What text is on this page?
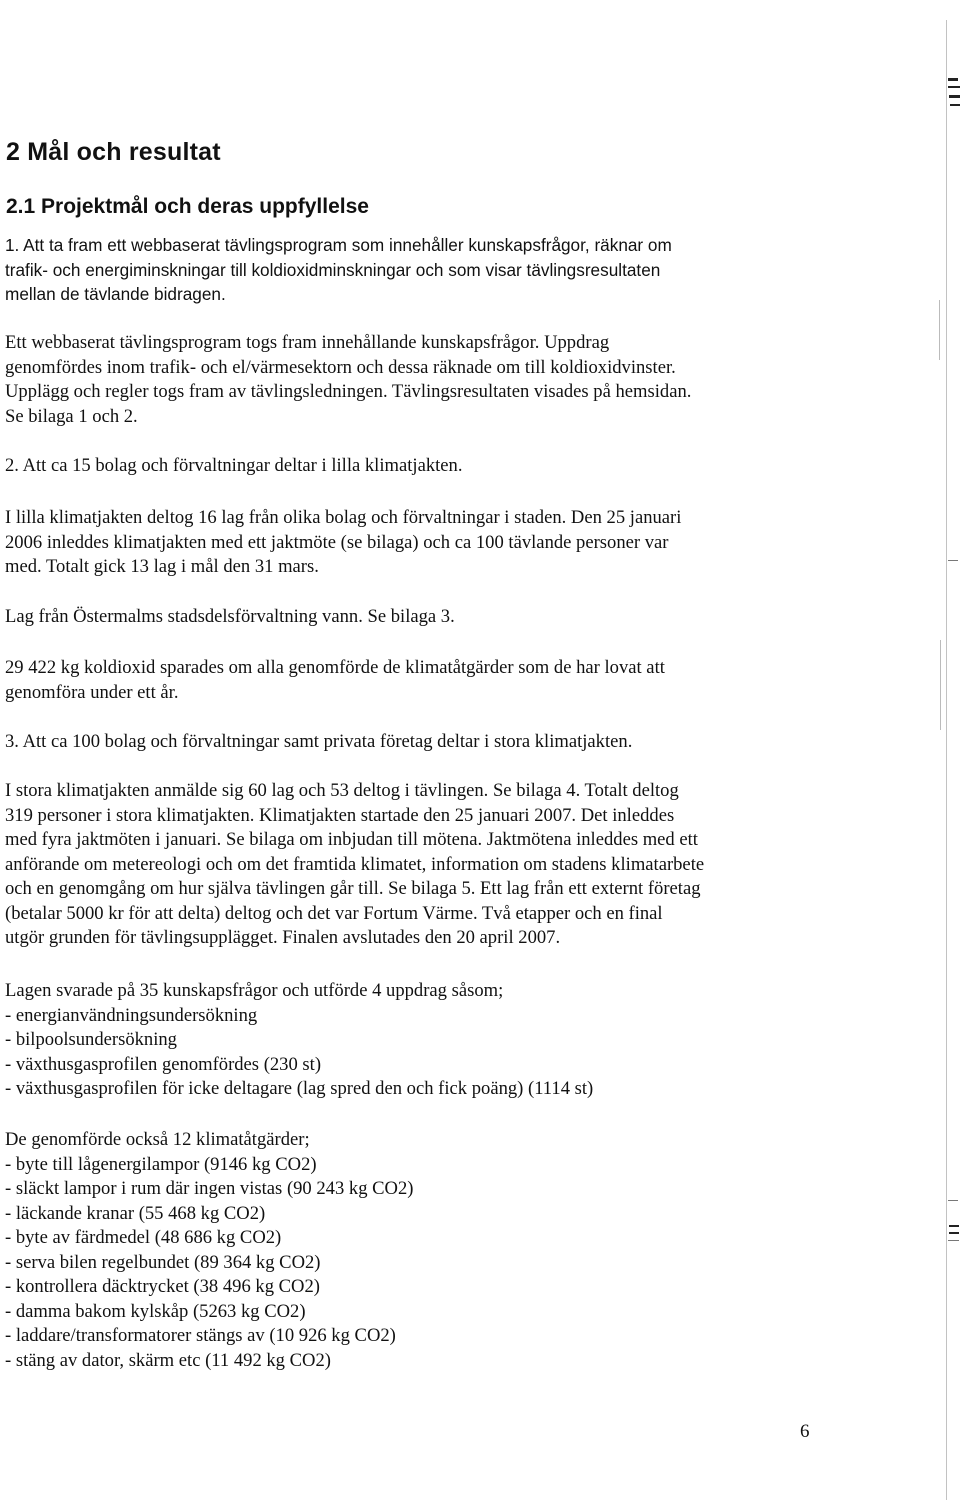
2 Mål och resultat
2.1 Projektmål och deras uppfyllelse
1. Att ta fram ett webbaserat tävlingsprogram som innehåller kunskapsfrågor, räknar om
trafik- och energiminskningar till koldioxidminskningar och som visar tävlingsresultaten
mellan de tävlande bidragen.
Ett webbaserat tävlingsprogram togs fram innehållande kunskapsfrågor. Uppdrag
genomfördes inom trafik- och el/värmesektorn och dessa räknade om till koldioxidvinster.
Upplägg och regler togs fram av tävlingsledningen. Tävlingsresultaten visades på hemsidan.
Se bilaga 1 och 2.
2. Att ca 15 bolag och förvaltningar deltar i lilla klimatjakten.
I lilla klimatjakten deltog 16 lag från olika bolag och förvaltningar i staden. Den 25 januari
2006 inleddes klimatjakten med ett jaktmöte (se bilaga) och ca 100 tävlande personer var
med. Totalt gick 13 lag i mål den 31 mars.
Lag från Östermalms stadsdelsförvaltning vann. Se bilaga 3.
29 422 kg koldioxid sparades om alla genomförde de klimatåtgärder som de har lovat att
genomföra under ett år.
3. Att ca 100 bolag och förvaltningar samt privata företag deltar i stora klimatjakten.
I stora klimatjakten anmälde sig 60 lag och 53 deltog i tävlingen. Se bilaga 4. Totalt deltog
319 personer i stora klimatjakten. Klimatjakten startade den 25 januari 2007. Det inleddes
med fyra jaktmöten i januari. Se bilaga om inbjudan till mötena. Jaktmötena inleddes med ett
anförande om metereologi och om det framtida klimatet, information om stadens klimatarbete
och en genomgång om hur själva tävlingen går till. Se bilaga 5. Ett lag från ett externt företag
(betalar 5000 kr för att delta) deltog och det var Fortum Värme. Två etapper och en final
utgör grunden för tävlingsupplägget. Finalen avslutades den 20 april 2007.
Lagen svarade på 35 kunskapsfrågor och utförde 4 uppdrag såsom;
- energianvändningsundersökning
- bilpoolsundersökning
- växthusgasprofilen genomfördes (230 st)
- växthusgasprofilen för icke deltagare (lag spred den och fick poäng) (1114 st)
De genomförde också 12 klimatåtgärder;
- byte till lågenergilampor (9146 kg CO2)
- släckt lampor i rum där ingen vistas (90 243 kg CO2)
- läckande kranar (55 468 kg CO2)
- byte av färdmedel (48 686 kg CO2)
- serva bilen regelbundet (89 364 kg CO2)
- kontrollera däcktrycket (38 496 kg CO2)
- damma bakom kylskåp (5263 kg CO2)
- laddare/transformatorer stängs av (10 926 kg CO2)
- stäng av dator, skärm etc (11 492 kg CO2)
6
